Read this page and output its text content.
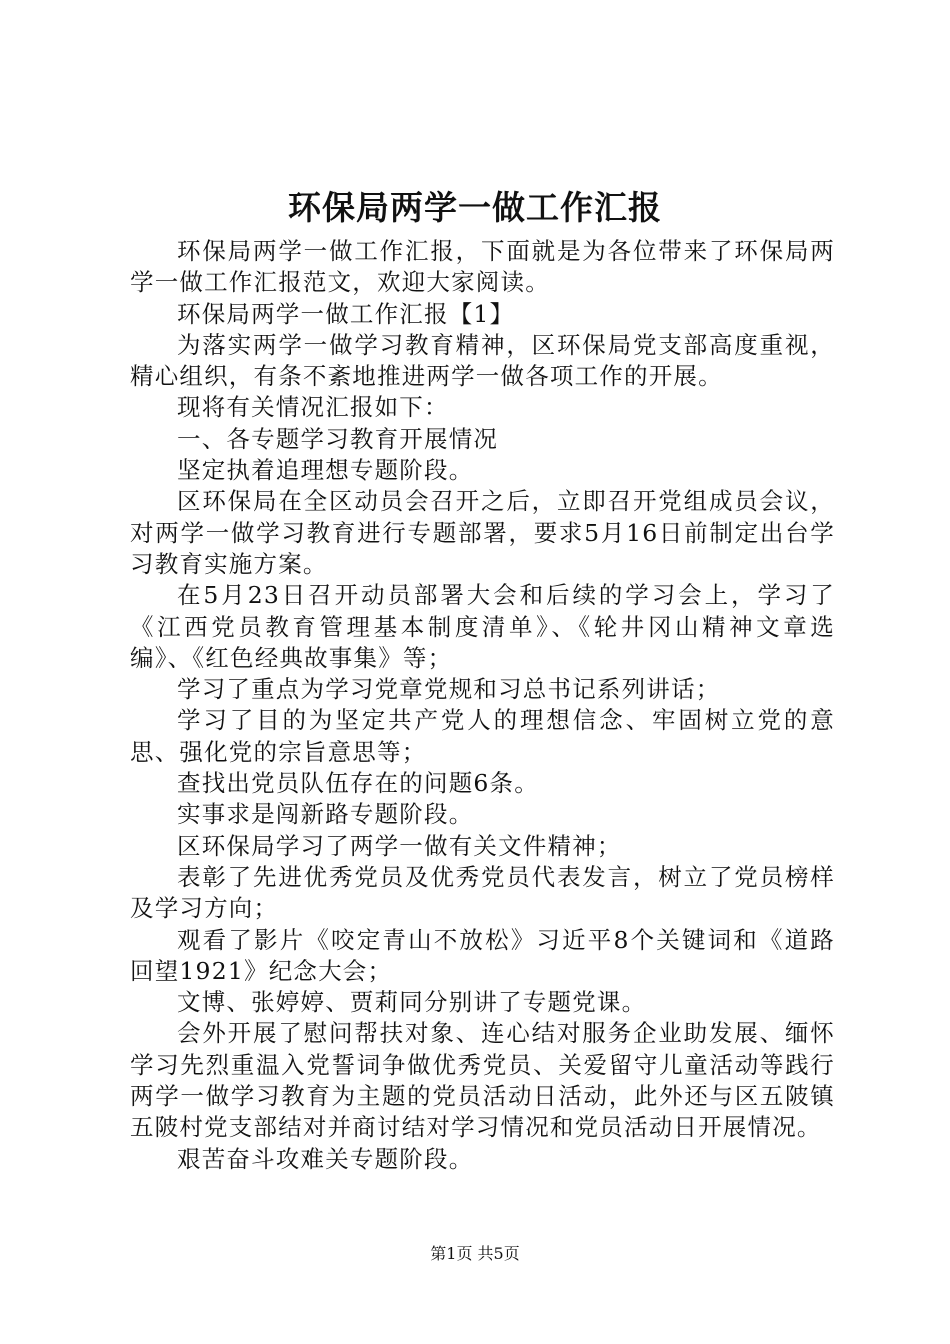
环保局两学一做工作汇报

环保局两学一做工作汇报，下面就是为各位带来了环保局两学一做工作汇报范文，欢迎大家阅读。

环保局两学一做工作汇报【1】

为落实两学一做学习教育精神，区环保局党支部高度重视，精心组织，有条不紊地推进两学一做各项工作的开展。

现将有关情况汇报如下：

一、各专题学习教育开展情况

坚定执着追理想专题阶段。

区环保局在全区动员会召开之后，立即召开党组成员会议，对两学一做学习教育进行专题部署，要求5月16日前制定出台学习教育实施方案。

在5月23日召开动员部署大会和后续的学习会上，学习了《江西党员教育管理基本制度清单》、《轮井冈山精神文章选编》、《红色经典故事集》等；

学习了重点为学习党章党规和习总书记系列讲话；

学习了目的为坚定共产党人的理想信念、牢固树立党的意思、强化党的宗旨意思等；

查找出党员队伍存在的问题6条。

实事求是闯新路专题阶段。

区环保局学习了两学一做有关文件精神；

表彰了先进优秀党员及优秀党员代表发言，树立了党员榜样及学习方向；

观看了影片《咬定青山不放松》习近平8个关键词和《道路回望1921》纪念大会；

文博、张婷婷、贾莉同分别讲了专题党课。

会外开展了慰问帮扶对象、连心结对服务企业助发展、缅怀学习先烈重温入党誓词争做优秀党员、关爱留守儿童活动等践行两学一做学习教育为主题的党员活动日活动，此外还与区五陂镇五陂村党支部结对并商讨结对学习情况和党员活动日开展情况。

艰苦奋斗攻难关专题阶段。

第1页 共5页
